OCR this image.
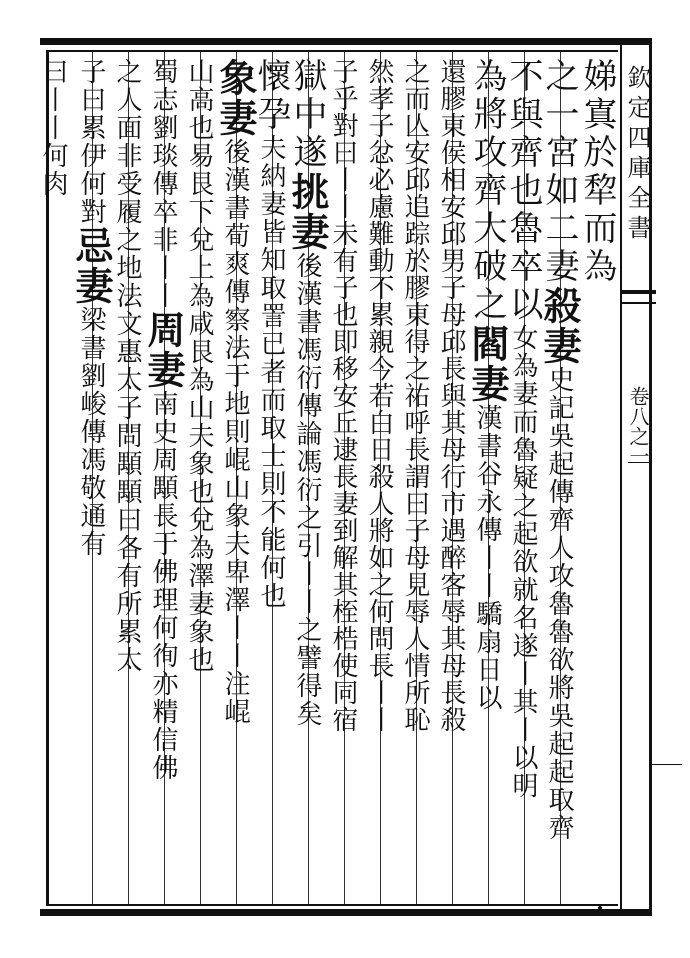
欽定四庫全書
卷八之一
娣寘於犂而為
之一宮如二妻殺妻史記吳起傳齊人攻魯魯欲將吳起起取齊
不與齊也魯卒以女為妻而魯疑之起欲就名遂丨其丨以明
為將攻齊大破之閻妻漢書谷永傳丨丨驕扇日以
還膠東侯相安邱男子母邱長與其母行市遇醉客辱其母長殺
之而亾安邱追踪於膠東得之祐呼長謂曰子母見辱人情所恥
然孝子忿必慮難動不累親今若白日殺人將如之何問長丨丨
子乎對曰丨丨未有子也即移安丘逮長妻到解其桎梏使同宿
獄中遂挑妻後漢書馮衍傳論馮衍之引丨丨之譬得矣
懷孕夫納妻皆知取詈已者而取士則不能何也
象妻後漢書荀爽傳察法于地則崐山象夫卑澤丨丨注崐
山高也易艮下兌上為咸艮為山夫象也兌為澤妻象也
蜀志劉琰傳卒非丨丨周妻南史周顒長于佛理何徇亦精信佛
之人面非受履之地法文惠太子問顒顒曰各有所累太
子曰累伊何對忌妻梁書劉峻傳馮敬通有
曰丨丨何肉
